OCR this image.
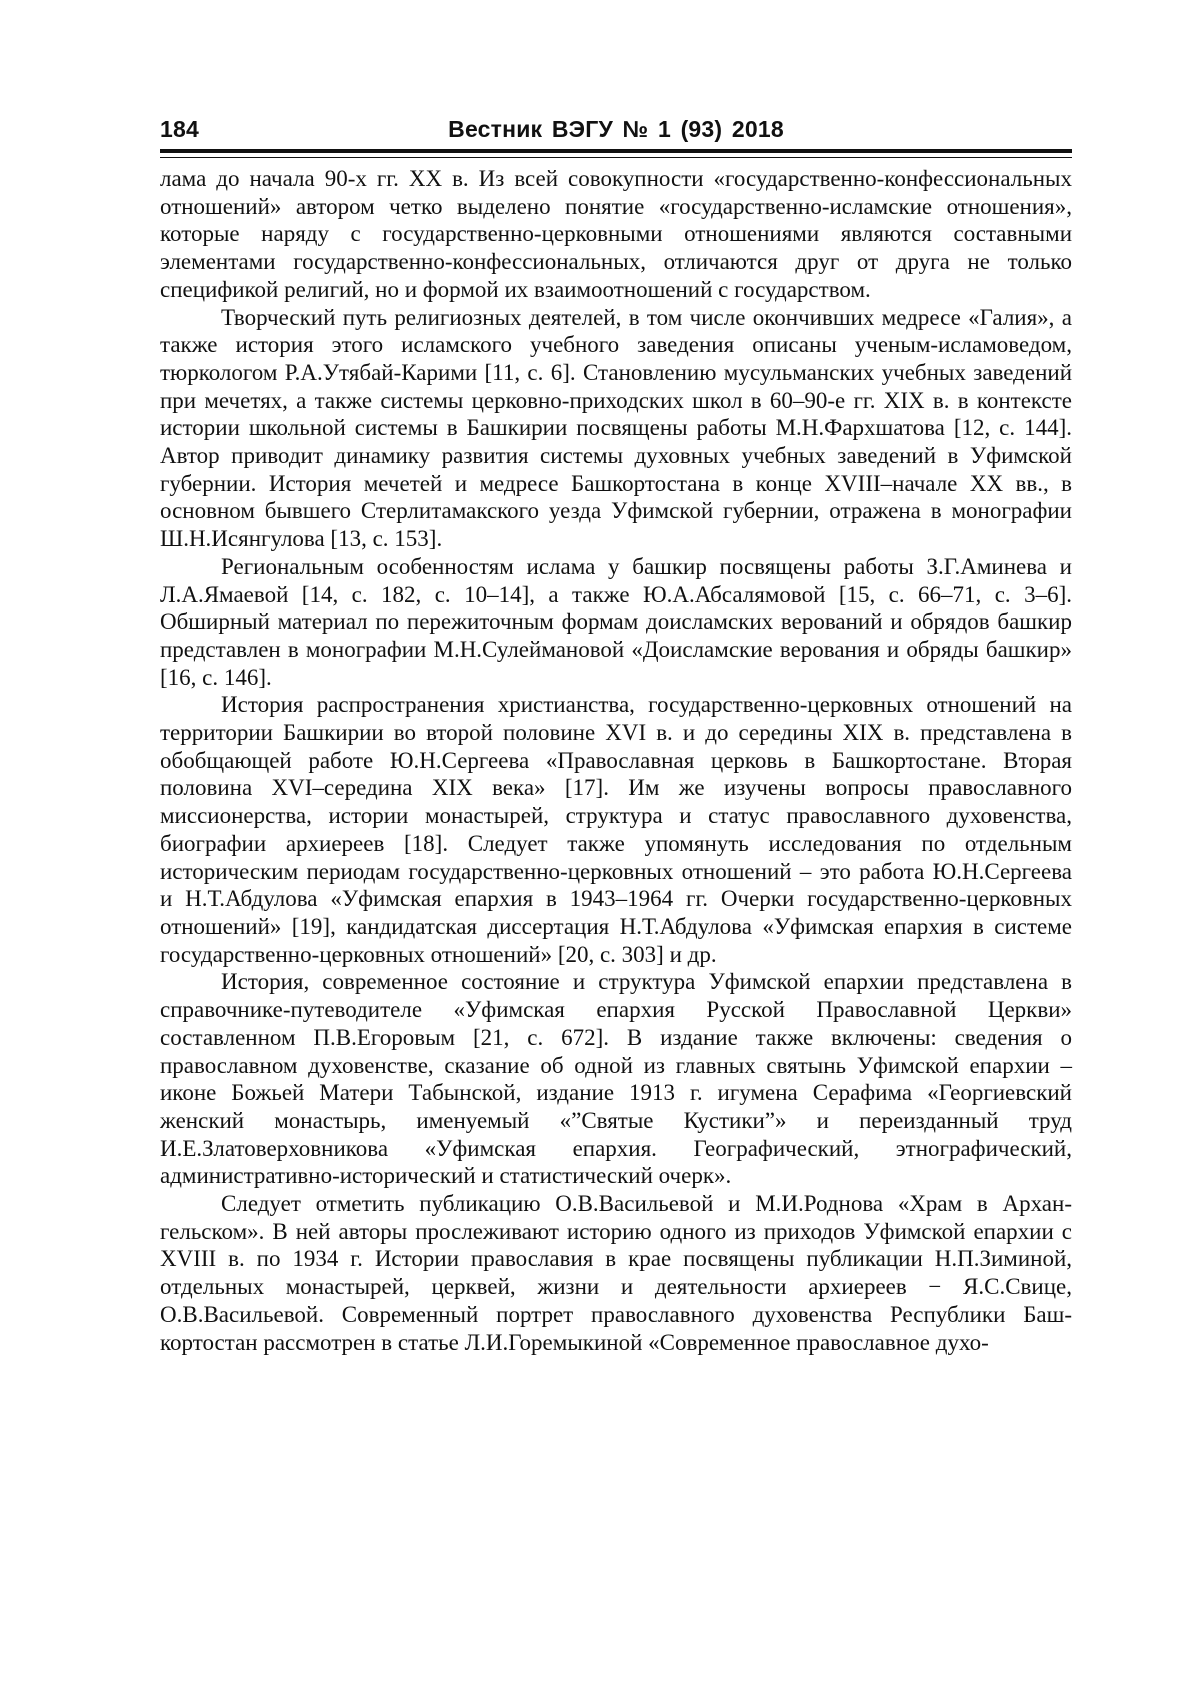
184	Вестник ВЭГУ № 1 (93) 2018

лама до начала 90-х гг. XX в. Из всей совокупности «государственно-конфессиональных отношений» автором четко выделено понятие «государственно-исламские отношения», которые наряду с государственно-церковными отношениями являются составными элементами государственно-конфессиональных, отличаются друг от друга не только спецификой религий, но и формой их взаимоотношений с государством.

Творческий путь религиозных деятелей, в том числе окончивших медресе «Галия», а также история этого исламского учебного заведения описаны ученым-исламоведом, тюркологом Р.А.Утябай-Карими [11, с. 6]. Становлению мусульманских учебных заведений при мечетях, а также системы церковно-приходских школ в 60–90-е гг. XIX в. в контексте истории школьной системы в Башкирии посвящены работы М.Н.Фархшатова [12, с. 144]. Автор приводит динамику развития системы духовных учебных заведений в Уфимской губернии. История мечетей и медресе Башкортостана в конце XVIII–начале XX вв., в основном бывшего Стерлитамакского уезда Уфимской губернии, отражена в монографии Ш.Н.Исянгулова [13, с. 153].

Региональным особенностям ислама у башкир посвящены работы З.Г.Аминева и Л.А.Ямаевой [14, с. 182, с. 10–14], а также Ю.А.Абсалямовой [15, с. 66–71, с. 3–6]. Обширный материал по пережиточным формам доисламских верований и обрядов башкир представлен в монографии М.Н.Сулеймановой «Доисламские верования и обряды башкир» [16, с. 146].

История распространения христианства, государственно-церковных отношений на территории Башкирии во второй половине XVI в. и до середины XIX в. представлена в обобщающей работе Ю.Н.Сергеева «Православная церковь в Башкортостане. Вторая половина XVI–середина XIX века» [17]. Им же изучены вопросы православного миссионерства, истории монастырей, структура и статус православного духовенства, биографии архиереев [18]. Следует также упомянуть исследования по отдельным историческим периодам государственно-церковных отношений – это работа Ю.Н.Сергеева и Н.Т.Абдулова «Уфимская епархия в 1943–1964 гг. Очерки государственно-церковных отношений» [19], кандидатская диссертация Н.Т.Абдулова «Уфимская епархия в системе государственно-церковных отношений» [20, с. 303] и др.

История, современное состояние и структура Уфимской епархии представлена в справочнике-путеводителе «Уфимская епархия Русской Православной Церкви» составленном П.В.Егоровым [21, с. 672]. В издание также включены: сведения о православном духовенстве, сказание об одной из главных святынь Уфимской епархии – иконе Божьей Матери Табынской, издание 1913 г. игумена Серафима «Георгиевский женский монастырь, именуемый «”Святые Кустики”» и переизданный труд И.Е.Златоверховникова «Уфимская епархия. Географический, этнографический, административно-исторический и статистический очерк».

Следует отметить публикацию О.В.Васильевой и М.И.Роднова «Храм в Архангельском». В ней авторы прослеживают историю одного из приходов Уфимской епархии с XVIII в. по 1934 г. Истории православия в крае посвящены публикации Н.П.Зиминой, отдельных монастырей, церквей, жизни и деятельности архиереев − Я.С.Свице, О.В.Васильевой. Современный портрет православного духовенства Республики Башкортостан рассмотрен в статье Л.И.Горемыкиной «Современное православное духо-
